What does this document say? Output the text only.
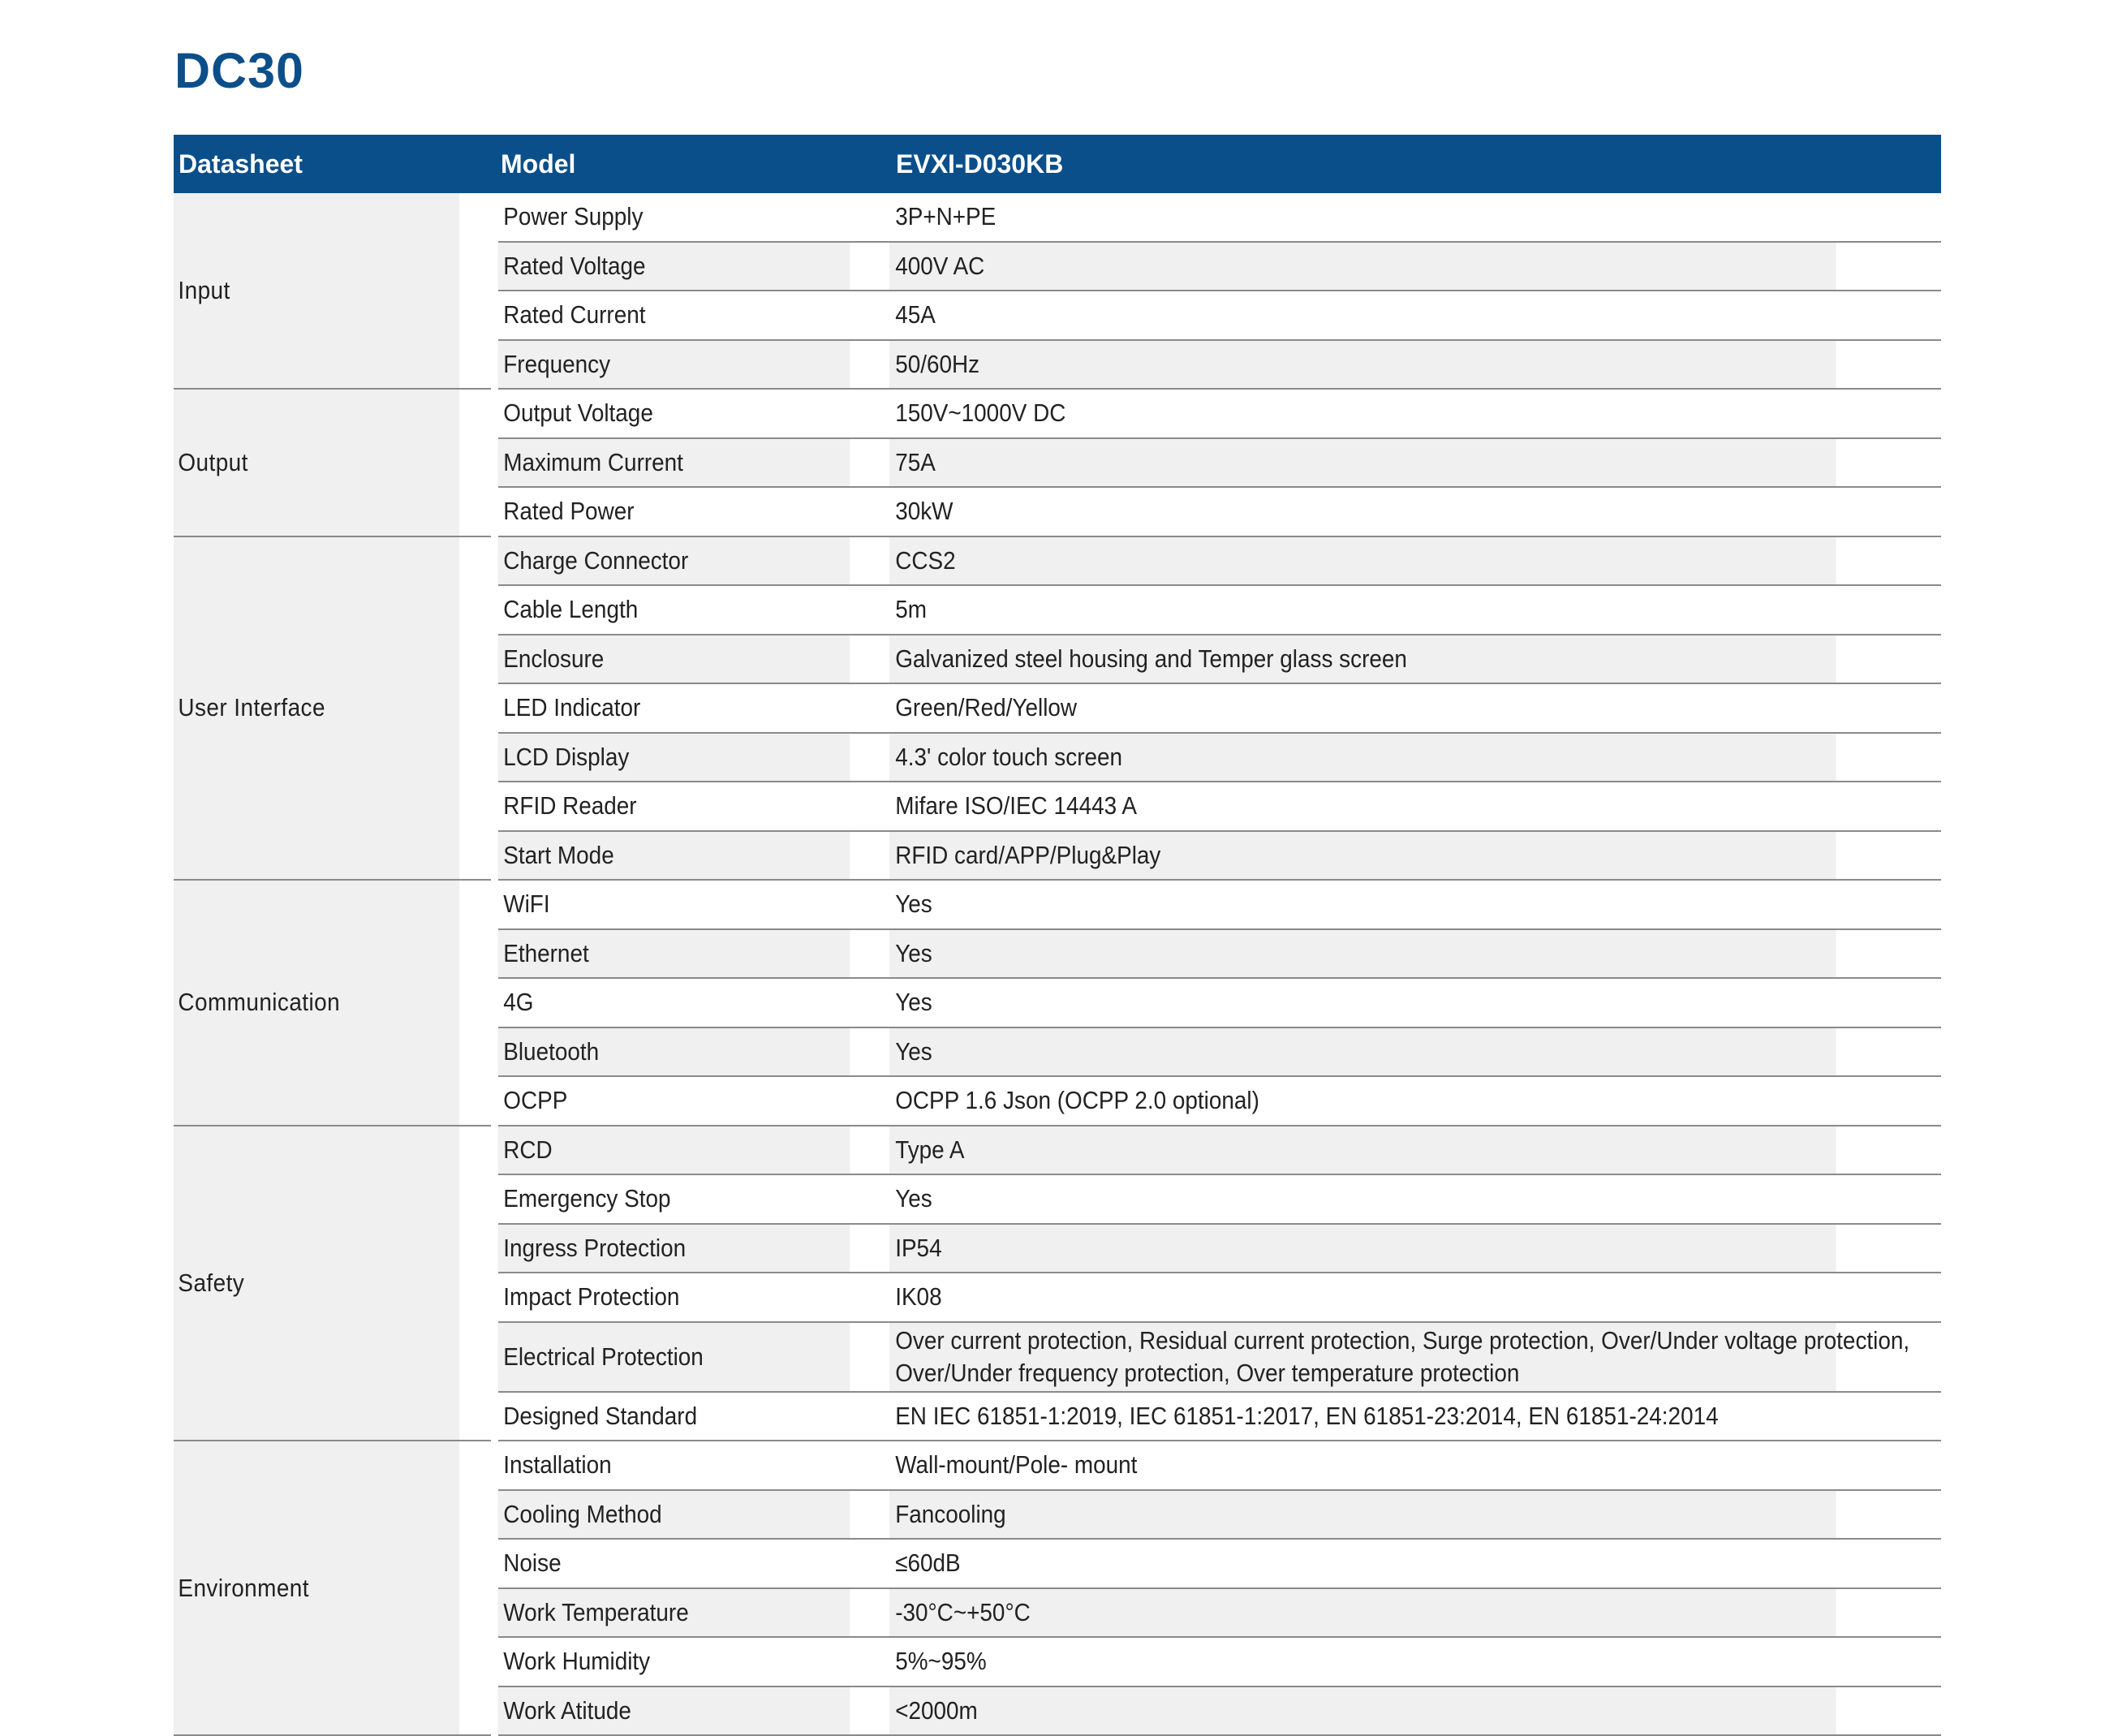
DC30
Datasheet	Model	EVXI-D030KB
Input	Power Supply	3P+N+PE
	Rated Voltage	400V AC
	Rated Current	45A
	Frequency	50/60Hz
Output	Output Voltage	150V~1000V DC
	Maximum Current	75A
	Rated Power	30kW
User Interface	Charge Connector	CCS2
	Cable Length	5m
	Enclosure	Galvanized steel housing and Temper glass screen
	LED Indicator	Green/Red/Yellow
	LCD Display	4.3' color touch screen
	RFID Reader	Mifare ISO/IEC 14443 A
	Start Mode	RFID card/APP/Plug&Play
Communication	WiFI	Yes
	Ethernet	Yes
	4G	Yes
	Bluetooth	Yes
	OCPP	OCPP 1.6 Json (OCPP 2.0 optional)
Safety	RCD	Type A
	Emergency Stop	Yes
	Ingress Protection	IP54
	Impact Protection	IK08
	Electrical Protection	Over current protection, Residual current protection, Surge protection, Over/Under voltage protection, Over/Under frequency protection, Over temperature protection

	Designed Standard	EN IEC 61851-1:2019, IEC 61851-1:2017, EN 61851-23:2014, EN 61851-24:2014
Environment	Installation	Wall-mount/Pole- mount
	Cooling Method	Fancooling
	Noise	≤60dB
	Work Temperature	-30°C~+50°C
	Work Humidity	5%~95%
	Work Atitude	<2000m
